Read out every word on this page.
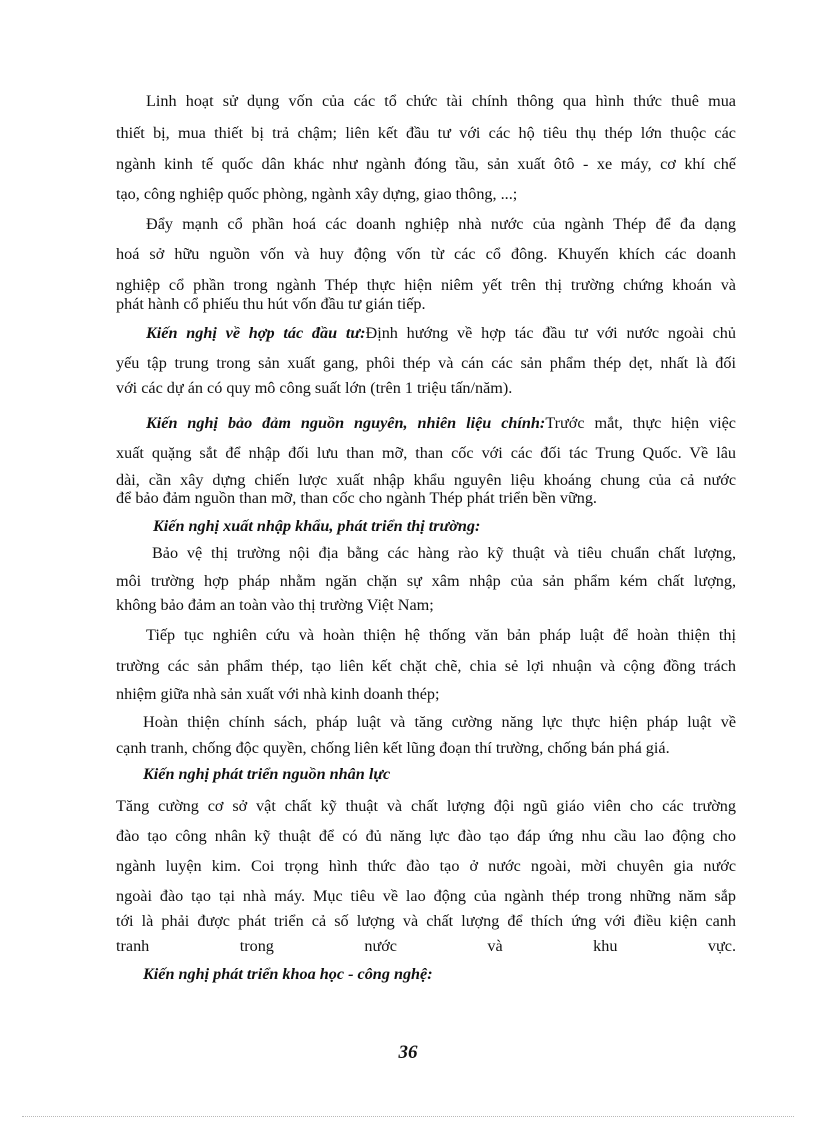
Linh hoạt sử dụng vốn của các tổ chức tài chính thông qua hình thức thuê mua
thiết bị, mua thiết bị trả chậm; liên kết đầu tư với các hộ tiêu thụ thép lớn thuộc các
ngành kinh tế quốc dân khác như ngành đóng tầu, sản xuất ôtô - xe máy, cơ khí chế
tạo, công nghiệp quốc phòng, ngành xây dựng, giao thông, ...;
Đẩy mạnh cổ phần hoá các doanh nghiệp nhà nước của ngành Thép để đa dạng
hoá sở hữu nguồn vốn và huy động vốn từ các cổ đông. Khuyến khích các doanh
nghiệp cổ phần trong ngành Thép thực hiện niêm yết trên thị trường chứng khoán và
phát hành cổ phiếu thu hút vốn đầu tư gián tiếp.
Kiến nghị về hợp tác đầu tư:Định hướng về hợp tác đầu tư với nước ngoài chủ
yếu tập trung trong sản xuất gang, phôi thép và cán các sản phẩm thép dẹt, nhất là đối
với các dự án có quy mô công suất lớn (trên 1 triệu tấn/năm).
Kiến nghị bảo đảm nguồn nguyên, nhiên liệu chính:Trước mắt, thực hiện việc
xuất quặng sắt để nhập đối lưu than mỡ, than cốc với các đối tác Trung Quốc. Về lâu
dài, cần xây dựng chiến lược xuất nhập khẩu nguyên liệu khoáng chung của cả nước
để bảo đảm nguồn than mỡ, than cốc cho ngành Thép phát triển bền vững.
Kiến nghị xuất nhập khẩu, phát triển thị trường:
Bảo vệ thị trường nội địa bằng các hàng rào kỹ thuật và tiêu chuẩn chất lượng,
môi trường hợp pháp nhằm ngăn chặn sự xâm nhập của sản phẩm kém chất lượng,
không bảo đảm an toàn vào thị trường Việt Nam;
Tiếp tục nghiên cứu và hoàn thiện hệ thống văn bản pháp luật để hoàn thiện thị
trường các sản phẩm thép, tạo liên kết chặt chẽ, chia sẻ lợi nhuận và cộng đồng trách
nhiệm giữa nhà sản xuất với nhà kinh doanh thép;
Hoàn thiện chính sách, pháp luật và tăng cường năng lực thực hiện pháp luật về
cạnh tranh, chống độc quyền, chống liên kết lũng đoạn thí trường, chống bán phá giá.
Kiến nghị phát triển nguồn nhân lực
Tăng cường cơ sở vật chất kỹ thuật và chất lượng đội ngũ giáo viên cho các trường
đào tạo công nhân kỹ thuật để có đủ năng lực đào tạo đáp ứng nhu cầu lao động cho
ngành luyện kim. Coi trọng hình thức đào tạo ở nước ngoài, mời chuyên gia nước
ngoài đào tạo tại nhà máy. Mục tiêu về lao động của ngành thép trong những năm sắp
tới là phải được phát triển cả số lượng và chất lượng để thích ứng với điều kiện canh
tranh trong nước và khu vực.
Kiến nghị phát triển khoa học - công nghệ:
36
